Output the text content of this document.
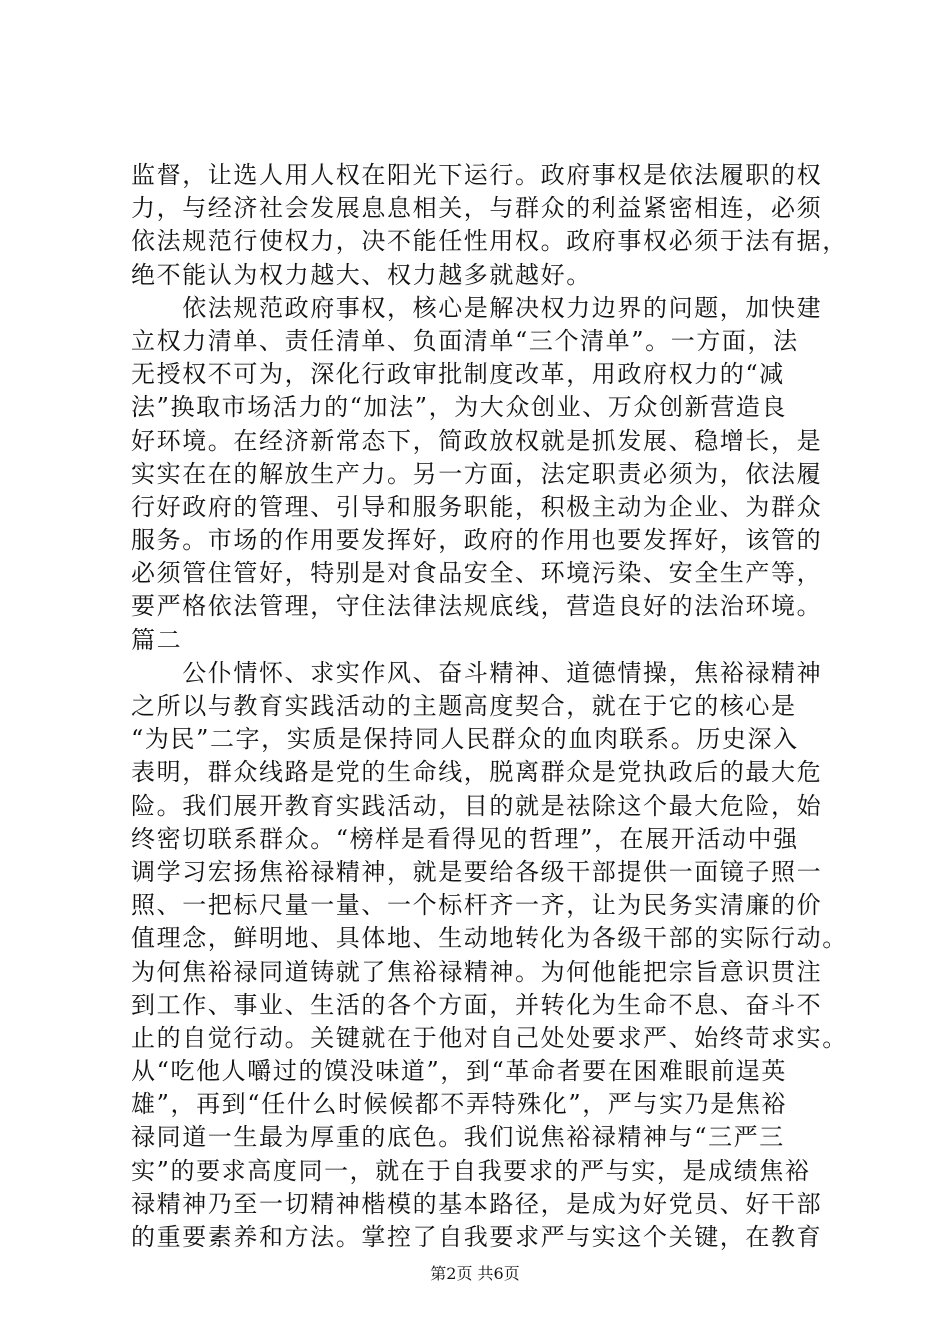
监督，让选人用人权在阳光下运行。政府事权是依法履职的权
力，与经济社会发展息息相关，与群众的利益紧密相连，必须
依法规范行使权力，决不能任性用权。政府事权必须于法有据，
绝不能认为权力越大、权力越多就越好。
　　依法规范政府事权，核心是解决权力边界的问题，加快建
立权力清单、责任清单、负面清单“三个清单”。一方面，法
无授权不可为，深化行政审批制度改革，用政府权力的“减
法”换取市场活力的“加法”，为大众创业、万众创新营造良
好环境。在经济新常态下，简政放权就是抓发展、稳增长，是
实实在在的解放生产力。另一方面，法定职责必须为，依法履
行好政府的管理、引导和服务职能，积极主动为企业、为群众
服务。市场的作用要发挥好，政府的作用也要发挥好，该管的
必须管住管好，特别是对食品安全、环境污染、安全生产等，
要严格依法管理，守住法律法规底线，营造良好的法治环境。
篇二
　　公仆情怀、求实作风、奋斗精神、道德情操，焦裕禄精神
之所以与教育实践活动的主题高度契合，就在于它的核心是
“为民”二字，实质是保持同人民群众的血肉联系。历史深入
表明，群众线路是党的生命线，脱离群众是党执政后的最大危
险。我们展开教育实践活动，目的就是祛除这个最大危险，始
终密切联系群众。“榜样是看得见的哲理”，在展开活动中强
调学习宏扬焦裕禄精神，就是要给各级干部提供一面镜子照一
照、一把标尺量一量、一个标杆齐一齐，让为民务实清廉的价
值理念，鲜明地、具体地、生动地转化为各级干部的实际行动。
为何焦裕禄同道铸就了焦裕禄精神。为何他能把宗旨意识贯注
到工作、事业、生活的各个方面，并转化为生命不息、奋斗不
止的自觉行动。关键就在于他对自己处处要求严、始终苛求实。
从“吃他人嚼过的馍没味道”，到“革命者要在困难眼前逞英
雄”，再到“任什么时候候都不弄特殊化”，严与实乃是焦裕
禄同道一生最为厚重的底色。我们说焦裕禄精神与“三严三
实”的要求高度同一，就在于自我要求的严与实，是成绩焦裕
禄精神乃至一切精神楷模的基本路径，是成为好党员、好干部
的重要素养和方法。掌控了自我要求严与实这个关键，在教育
第2页 共6页
